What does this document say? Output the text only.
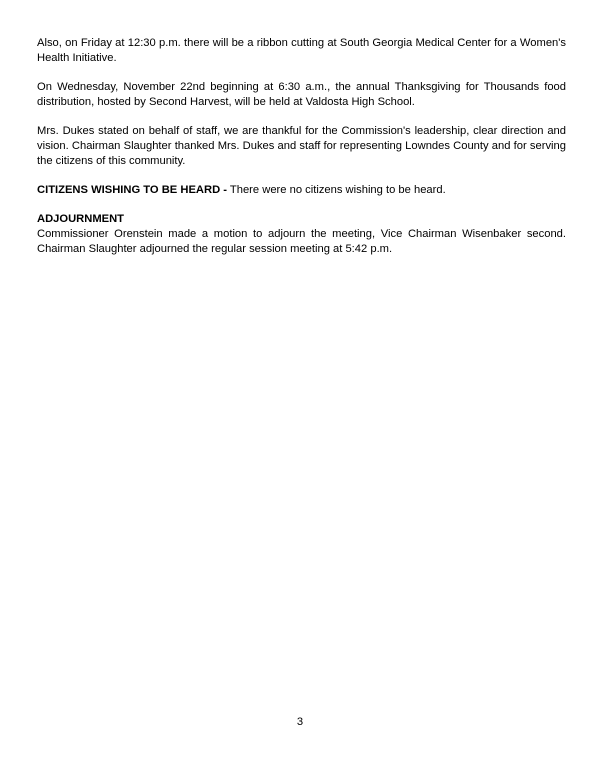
Also, on Friday at 12:30 p.m. there will be a ribbon cutting at South Georgia Medical Center for a Women's Health Initiative.

On Wednesday, November 22nd beginning at 6:30 a.m., the annual Thanksgiving for Thousands food distribution, hosted by Second Harvest, will be held at Valdosta High School.

Mrs. Dukes stated on behalf of staff, we are thankful for the Commission's leadership, clear direction and vision. Chairman Slaughter thanked Mrs. Dukes and staff for representing Lowndes County and for serving the citizens of this community.

CITIZENS WISHING TO BE HEARD - There were no citizens wishing to be heard.

ADJOURNMENT

Commissioner Orenstein made a motion to adjourn the meeting, Vice Chairman Wisenbaker second. Chairman Slaughter adjourned the regular session meeting at 5:42 p.m.

3
